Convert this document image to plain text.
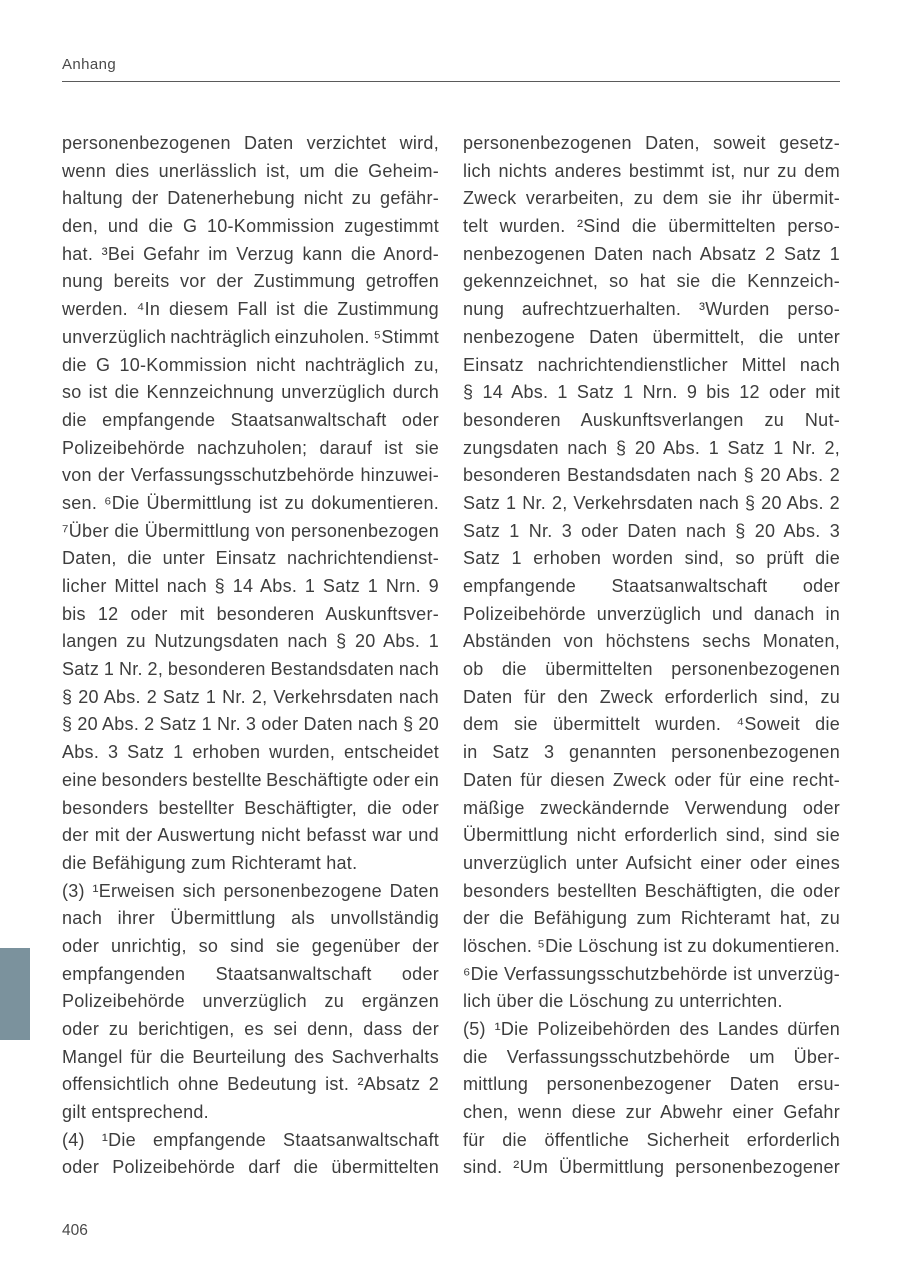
Anhang
personenbezogenen Daten verzichtet wird,
wenn dies unerlässlich ist, um die Geheim-
haltung der Datenerhebung nicht zu gefähr-
den, und die G 10-Kommission zugestimmt
hat. ³Bei Gefahr im Verzug kann die Anord-
nung bereits vor der Zustimmung getroffen
werden. ⁴In diesem Fall ist die Zustimmung
unverzüglich nachträglich einzuholen. ⁵Stimmt
die G 10-Kommission nicht nachträglich zu,
so ist die Kennzeichnung unverzüglich durch
die empfangende Staatsanwaltschaft oder
Polizeibehörde nachzuholen; darauf ist sie
von der Verfassungsschutzbehörde hinzuwei-
sen. ⁶Die Übermittlung ist zu dokumentieren.
⁷Über die Übermittlung von personenbezogen
Daten, die unter Einsatz nachrichtendienst-
licher Mittel nach § 14 Abs. 1 Satz 1 Nrn. 9
bis 12 oder mit besonderen Auskunftsver-
langen zu Nutzungsdaten nach § 20 Abs. 1
Satz 1 Nr. 2, besonderen Bestandsdaten nach
§ 20 Abs. 2 Satz 1 Nr. 2, Verkehrsdaten nach
§ 20 Abs. 2 Satz 1 Nr. 3 oder Daten nach § 20
Abs. 3 Satz 1 erhoben wurden, entscheidet
eine besonders bestellte Beschäftigte oder ein
besonders bestellter Beschäftigter, die oder
der mit der Auswertung nicht befasst war und
die Befähigung zum Richteramt hat.
(3) ¹Erweisen sich personenbezogene Daten
nach ihrer Übermittlung als unvollständig
oder unrichtig, so sind sie gegenüber der
empfangenden Staatsanwaltschaft oder
Polizeibehörde unverzüglich zu ergänzen
oder zu berichtigen, es sei denn, dass der
Mangel für die Beurteilung des Sachverhalts
offensichtlich ohne Bedeutung ist. ²Absatz 2
gilt entsprechend.
(4) ¹Die empfangende Staatsanwaltschaft
oder Polizeibehörde darf die übermittelten
personenbezogenen Daten, soweit gesetz-
lich nichts anderes bestimmt ist, nur zu dem
Zweck verarbeiten, zu dem sie ihr übermit-
telt wurden. ²Sind die übermittelten perso-
nenbezogenen Daten nach Absatz 2 Satz 1
gekennzeichnet, so hat sie die Kennzeich-
nung aufrechtzuerhalten. ³Wurden perso-
nenbezogene Daten übermittelt, die unter
Einsatz nachrichtendienstlicher Mittel nach
§ 14 Abs. 1 Satz 1 Nrn. 9 bis 12 oder mit
besonderen Auskunftsverlangen zu Nut-
zungsdaten nach § 20 Abs. 1 Satz 1 Nr. 2,
besonderen Bestandsdaten nach § 20 Abs. 2
Satz 1 Nr. 2, Verkehrsdaten nach § 20 Abs. 2
Satz 1 Nr. 3 oder Daten nach § 20 Abs. 3
Satz 1 erhoben worden sind, so prüft die
empfangende Staatsanwaltschaft oder
Polizeibehörde unverzüglich und danach in
Abständen von höchstens sechs Monaten,
ob die übermittelten personenbezogenen
Daten für den Zweck erforderlich sind, zu
dem sie übermittelt wurden. ⁴Soweit die
in Satz 3 genannten personenbezogenen
Daten für diesen Zweck oder für eine recht-
mäßige zweckändernde Verwendung oder
Übermittlung nicht erforderlich sind, sind sie
unverzüglich unter Aufsicht einer oder eines
besonders bestellten Beschäftigten, die oder
der die Befähigung zum Richteramt hat, zu
löschen. ⁵Die Löschung ist zu dokumentieren.
⁶Die Verfassungsschutzbehörde ist unverzüg-
lich über die Löschung zu unterrichten.
(5) ¹Die Polizeibehörden des Landes dürfen
die Verfassungsschutzbehörde um Über-
mittlung personenbezogener Daten ersu-
chen, wenn diese zur Abwehr einer Gefahr
für die öffentliche Sicherheit erforderlich
sind. ²Um Übermittlung personenbezogener
406
